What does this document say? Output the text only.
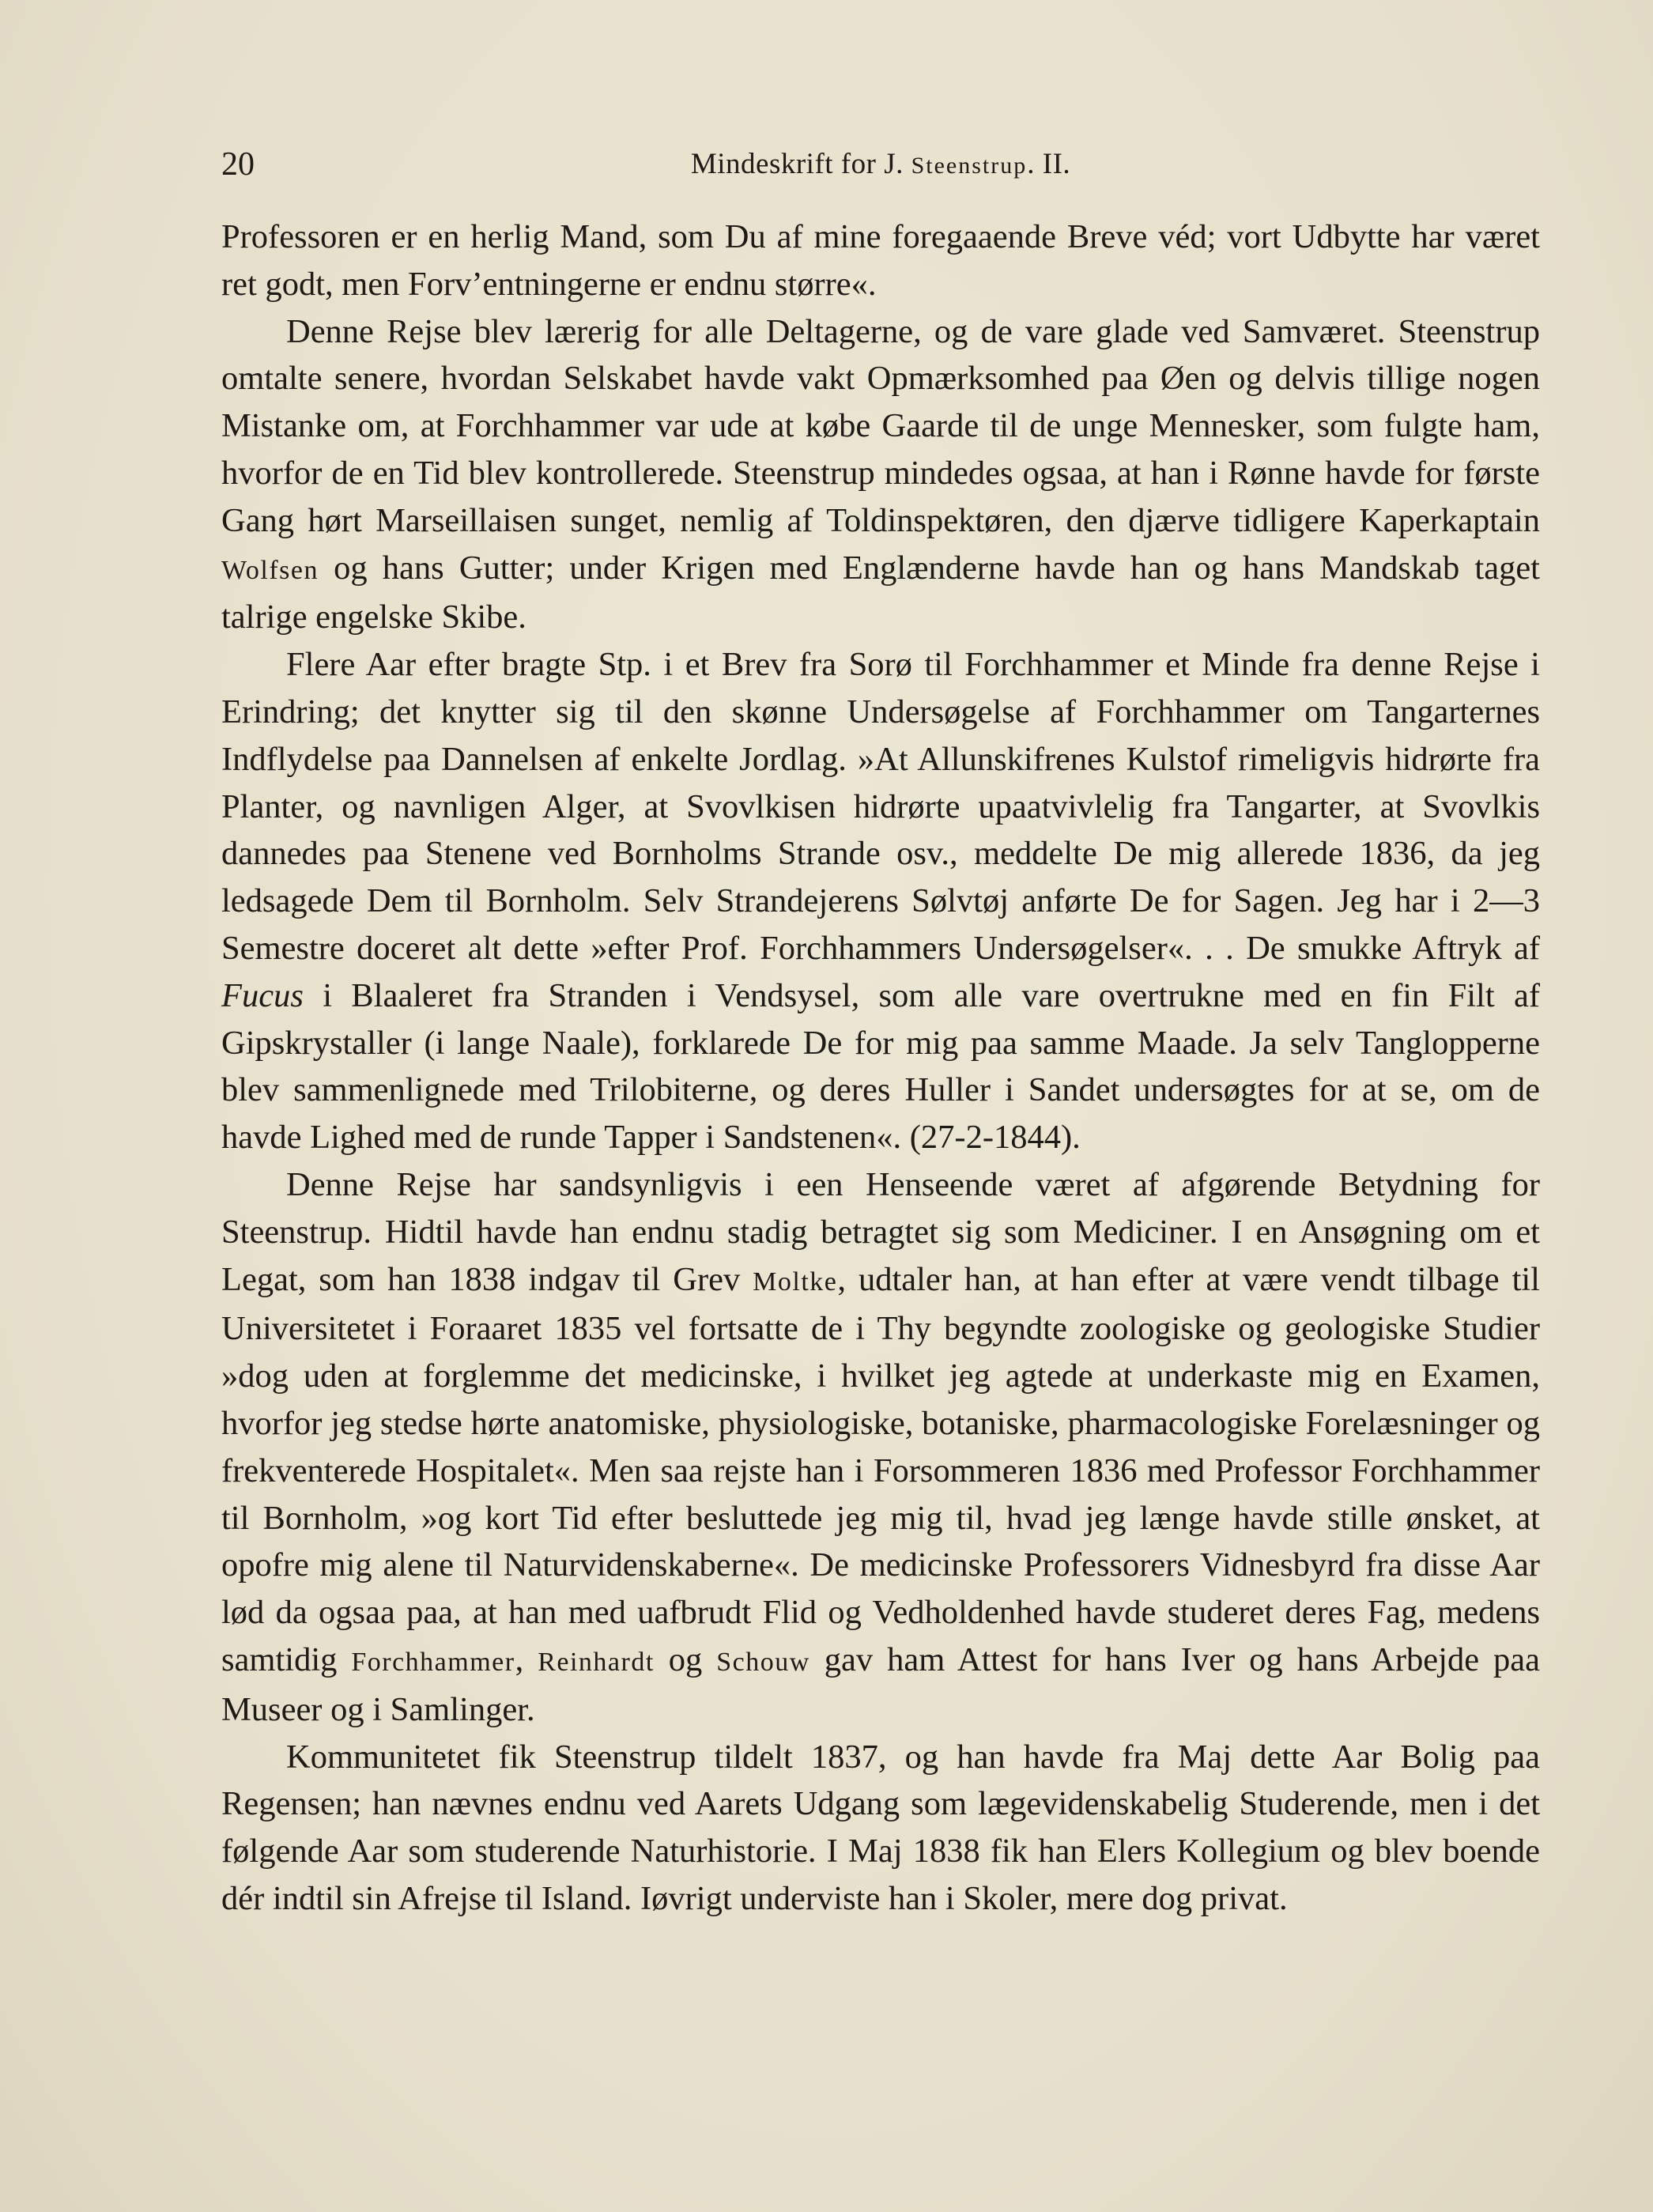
20	Mindeskrift for J. Steenstrup. II.

Professoren er en herlig Mand, som Du af mine foregaaende Breve véd; vort Udbytte har været ret godt, men Forv’entningerne er endnu større«.

Denne Rejse blev lærerig for alle Deltagerne, og de vare glade ved Samværet. Steenstrup omtalte senere, hvordan Selskabet havde vakt Opmærksomhed paa Øen og delvis tillige nogen Mistanke om, at Forchhammer var ude at købe Gaarde til de unge Mennesker, som fulgte ham, hvorfor de en Tid blev kontrollerede. Steenstrup mindedes ogsaa, at han i Rønne havde for første Gang hørt Marseillaisen sunget, nemlig af Toldinspektøren, den djærve tidligere Kaperkaptain Wolfsen og hans Gutter; under Krigen med Englænderne havde han og hans Mandskab taget talrige engelske Skibe.

Flere Aar efter bragte Stp. i et Brev fra Sorø til Forchhammer et Minde fra denne Rejse i Erindring; det knytter sig til den skønne Undersøgelse af Forchhammer om Tangarternes Indflydelse paa Dannelsen af enkelte Jordlag. »At Allunskifrenes Kulstof rimeligvis hidrørte fra Planter, og navnligen Alger, at Svovlkisen hidrørte upaatvivlelig fra Tangarter, at Svovlkis dannedes paa Stenene ved Bornholms Strande osv., meddelte De mig allerede 1836, da jeg ledsagede Dem til Bornholm. Selv Strandejerens Sølvtøj anførte De for Sagen. Jeg har i 2—3 Semestre doceret alt dette »efter Prof. Forchhammers Undersøgelser«. . . De smukke Aftryk af Fucus i Blaaleret fra Stranden i Vendsysel, som alle vare overtrukne med en fin Filt af Gipskrystaller (i lange Naale), forklarede De for mig paa samme Maade. Ja selv Tanglopperne blev sammenlignede med Trilobiterne, og deres Huller i Sandet undersøgtes for at se, om de havde Lighed med de runde Tapper i Sandstenen«. (27-2-1844).

Denne Rejse har sandsynligvis i een Henseende været af afgørende Betydning for Steenstrup. Hidtil havde han endnu stadig betragtet sig som Mediciner. I en Ansøgning om et Legat, som han 1838 indgav til Grev Moltke, udtaler han, at han efter at være vendt tilbage til Universitetet i Foraaret 1835 vel fortsatte de i Thy begyndte zoologiske og geologiske Studier »dog uden at forglemme det medicinske, i hvilket jeg agtede at underkaste mig en Examen, hvorfor jeg stedse hørte anatomiske, physiologiske, botaniske, pharmacologiske Forelæsninger og frekventerede Hospitalet«. Men saa rejste han i Forsommeren 1836 med Professor Forchhammer til Bornholm, »og kort Tid efter besluttede jeg mig til, hvad jeg længe havde stille ønsket, at opofre mig alene til Naturvidenskaberne«. De medicinske Professorers Vidnesbyrd fra disse Aar lød da ogsaa paa, at han med uafbrudt Flid og Vedholdenhed havde studeret deres Fag, medens samtidig Forchhammer, Reinhardt og Schouw gav ham Attest for hans Iver og hans Arbejde paa Museer og i Samlinger.

Kommunitetet fik Steenstrup tildelt 1837, og han havde fra Maj dette Aar Bolig paa Regensen; han nævnes endnu ved Aarets Udgang som lægevidenskabelig Studerende, men i det følgende Aar som studerende Naturhistorie. I Maj 1838 fik han Elers Kollegium og blev boende dér indtil sin Afrejse til Island. Iøvrigt underviste han i Skoler, mere dog privat.
